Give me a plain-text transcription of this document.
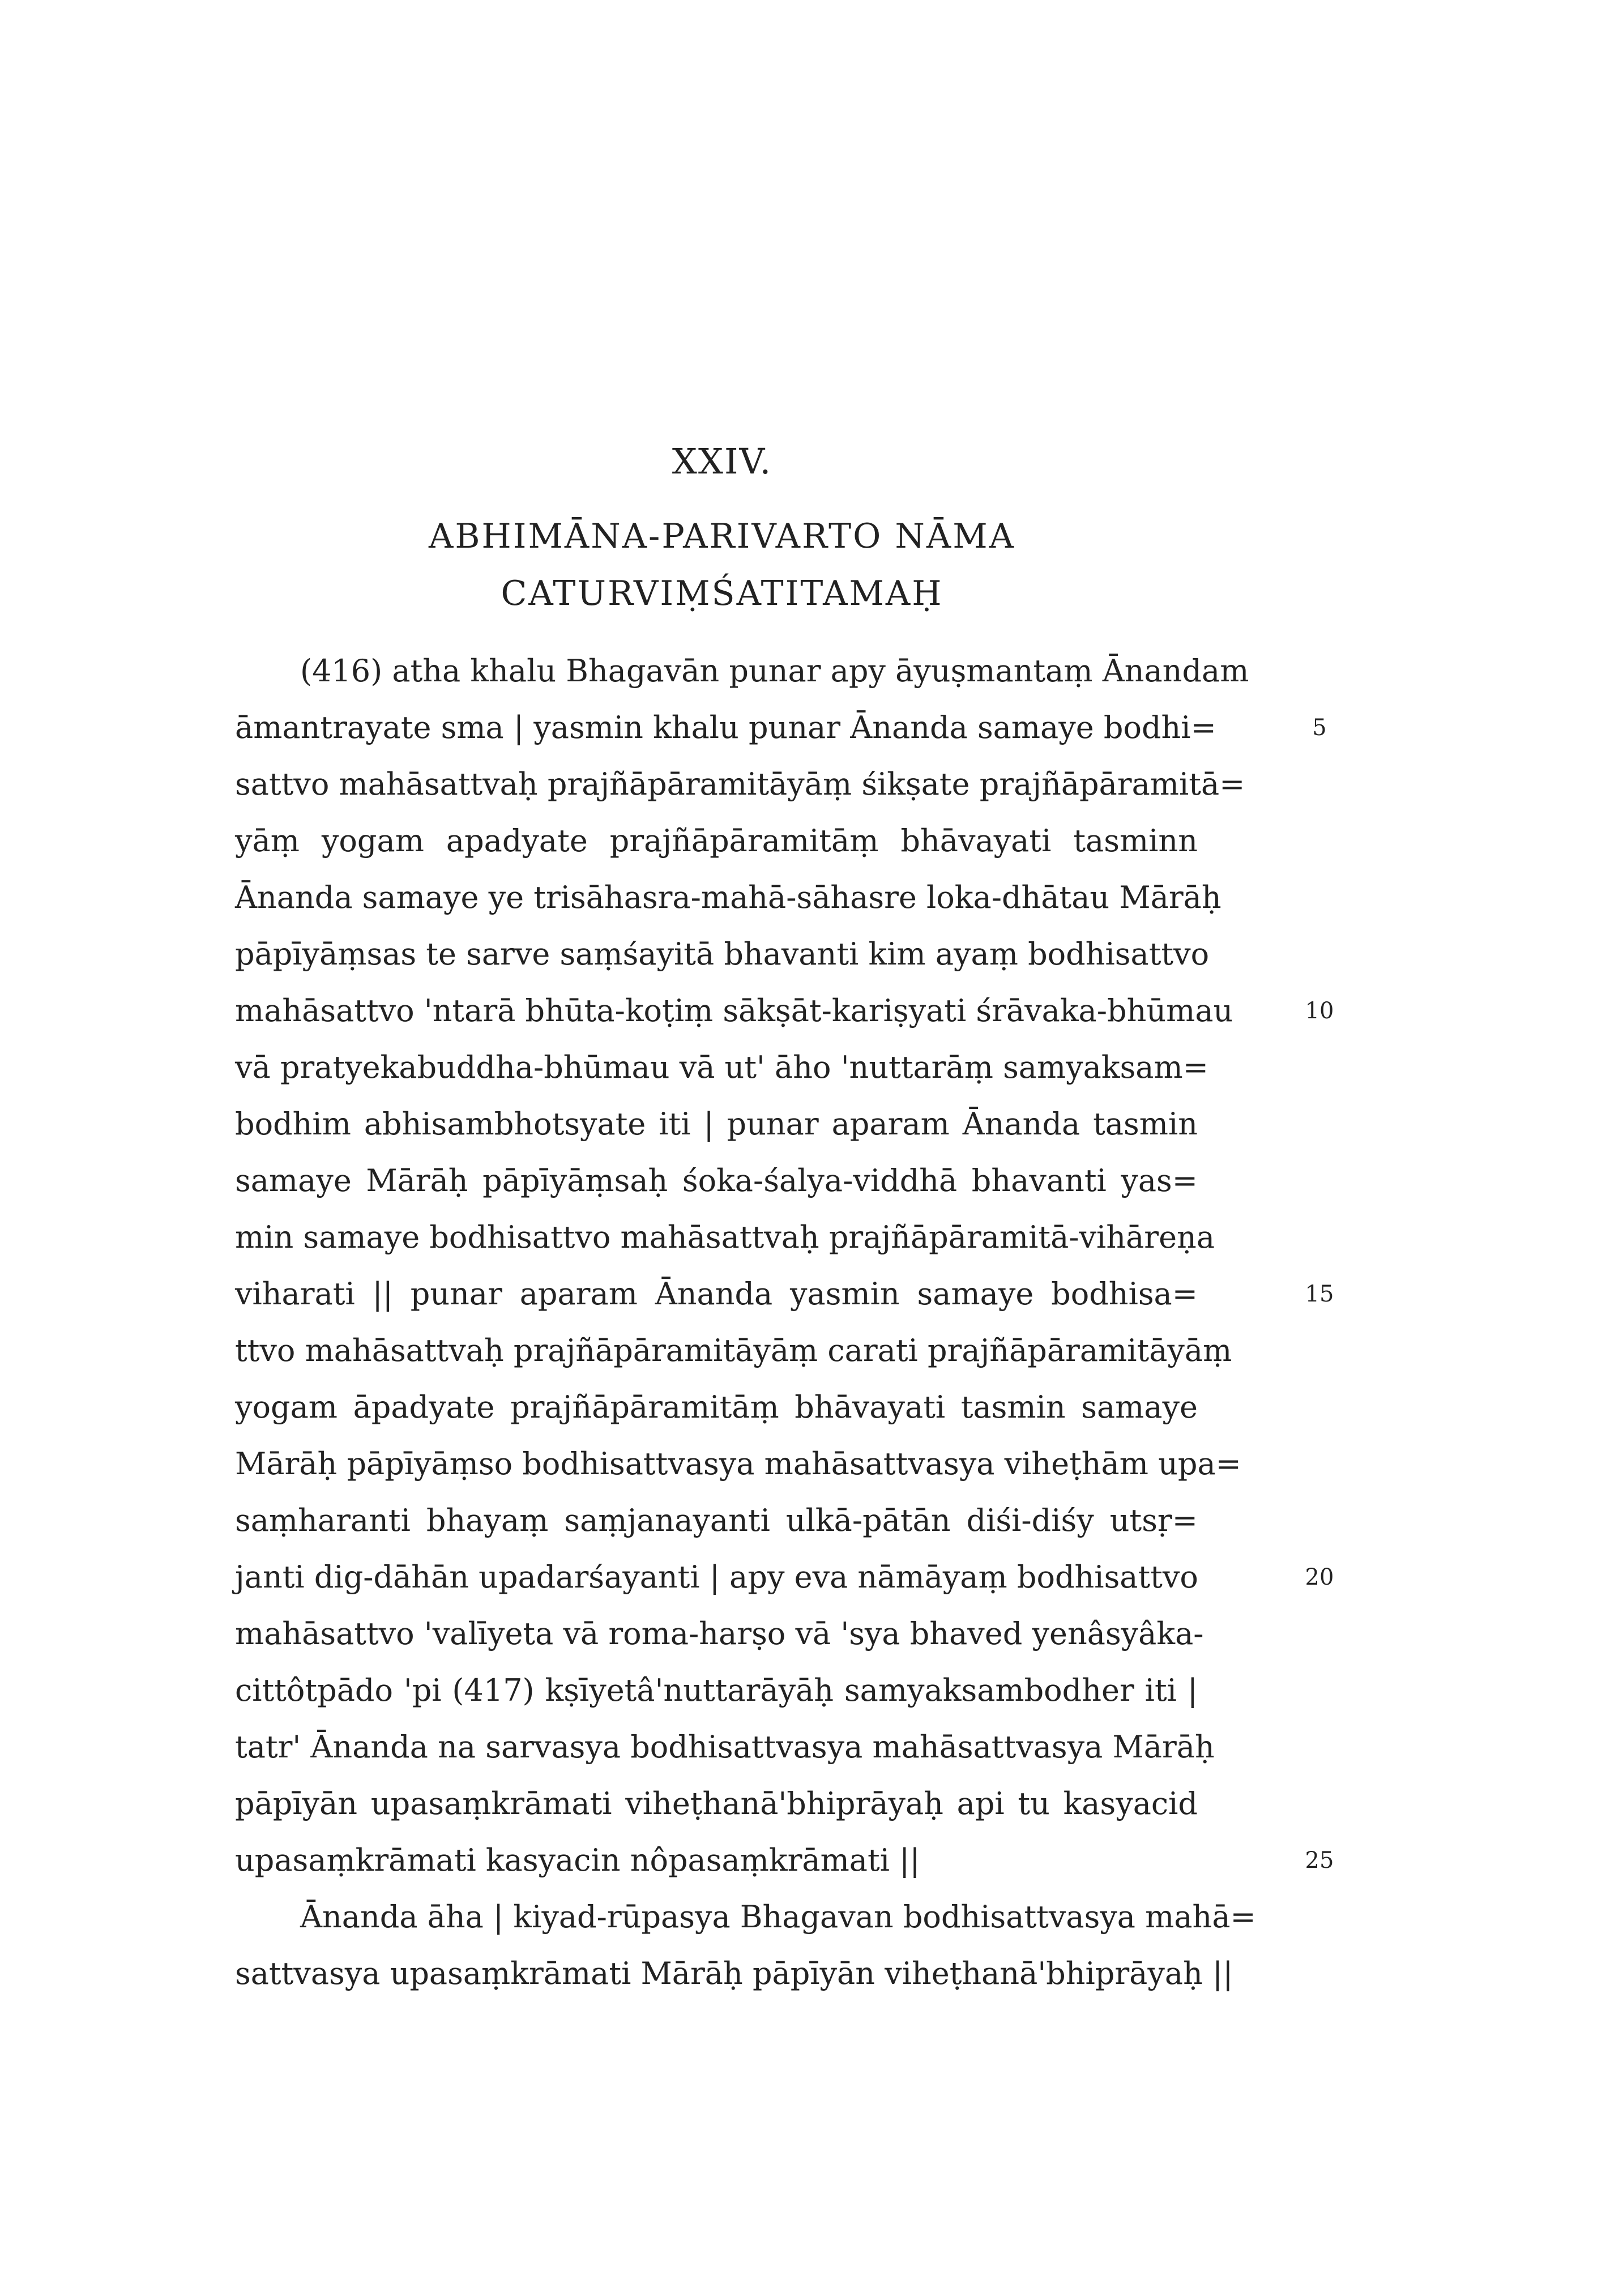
XXIV.
ABHIMĀNA-PARIVARTO NĀMA
CATURVIṂŚATITAMAḤ
(416) atha khalu Bhagavān punar apy āyuṣmantaṃ Ānandam
āmantrayate sma | yasmin khalu punar Ānanda samaye bodhi=
sattvo mahāsattvaḥ prajñāpāramitāyāṃ śikṣate prajñāpāramitā=
yāṃ yogam apadyate prajñāpāramitāṃ bhāvayati tasminn
Ānanda samaye ye trisāhasra-mahā-sāhasre loka-dhātau Mārāḥ
pāpīyāṃsas te sarve saṃśayitā bhavanti kim ayaṃ bodhisattvo
mahāsattvo 'ntarā bhūta-koṭiṃ sākṣāt-kariṣyati śrāvaka-bhūmau
vā pratyekabuddha-bhūmau vā ut' āho 'nuttarāṃ samyaksam=
bodhim abhisambhotsyate iti | punar aparam Ānanda tasmin
samaye Mārāḥ pāpīyāṃsaḥ śoka-śalya-viddhā bhavanti yas=
min samaye bodhisattvo mahāsattvaḥ prajñāpāramitā-vihāreṇa
viharati || punar aparam Ānanda yasmin samaye bodhisa=
ttvo mahāsattvaḥ prajñāpāramitāyāṃ carati prajñāpāramitāyāṃ
yogam āpadyate prajñāpāramitāṃ bhāvayati tasmin samaye
Mārāḥ pāpīyāṃso bodhisattvasya mahāsattvasya viheṭhām upa=
saṃharanti bhayaṃ saṃjanayanti ulkā-pātān diśi-diśy utsṛ=
janti dig-dāhān upadarśayanti | apy eva nāmāyaṃ bodhisattvo
mahāsattvo 'valīyeta vā roma-harṣo vā 'sya bhaved yenâsyâka-
cittôtpādo 'pi (417) kṣīyetâ'nuttarāyāḥ samyaksambodher iti |
tatr' Ānanda na sarvasya bodhisattvasya mahāsattvasya Mārāḥ
pāpīyān upasaṃkrāmati viheṭhanā'bhiprāyaḥ api tu kasyacid
upasaṃkrāmati kasyacin nôpasaṃkrāmati ||
Ānanda āha | kiyad-rūpasya Bhagavan bodhisattvasya mahā=
sattvasya upasaṃkrāmati Mārāḥ pāpīyān viheṭhanā'bhiprāyaḥ ||
5
10
15
20
25
